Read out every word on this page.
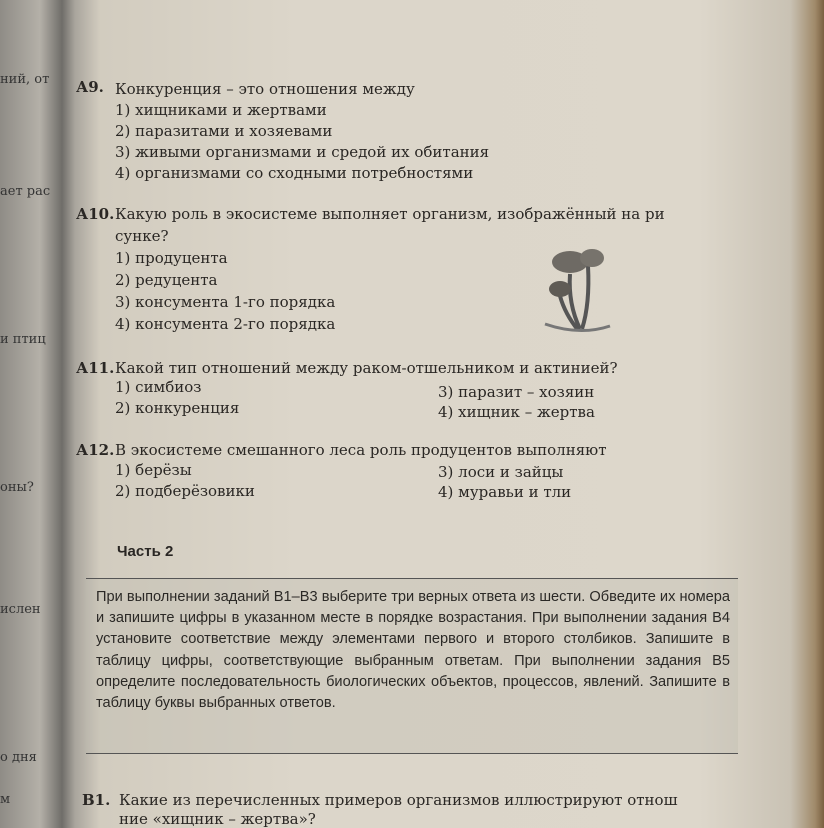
ний, от
ает рас
и птиц
оны?
ислен
о дня
м
А9. Конкуренция – это отношения между
1) хищниками и жертвами
2) паразитами и хозяевами
3) живыми организмами и средой их обитания
4) организмами со сходными потребностями
А10. Какую роль в экосистеме выполняет организм, изображённый на ри
сунке?
1) продуцента
2) редуцента
3) консумента 1-го порядка
4) консумента 2-го порядка
А11. Какой тип отношений между раком-отшельником и актинией?
1) симбиоз	3) паразит – хозяин
2) конкуренция	4) хищник – жертва
А12. В экосистеме смешанного леса роль продуцентов выполняют
1) берёзы	3) лоси и зайцы
2) подберёзовики	4) муравьи и тли
Часть 2

При выполнении заданий В1–В3 выберите три верных ответа из шести. Обведите их номера и запишите цифры в указанном месте в порядке возрастания. При выполнении задания В4 установите соответствие между элементами первого и второго столбиков. Запишите в таблицу цифры, соответствующие выбранным ответам. При выполнении задания В5 определите последовательность биологических объектов, процессов, явлений. Запишите в таблицу буквы выбранных ответов.

В1. Какие из перечисленных примеров организмов иллюстрируют отнош
ние «хищник – жертва»?
